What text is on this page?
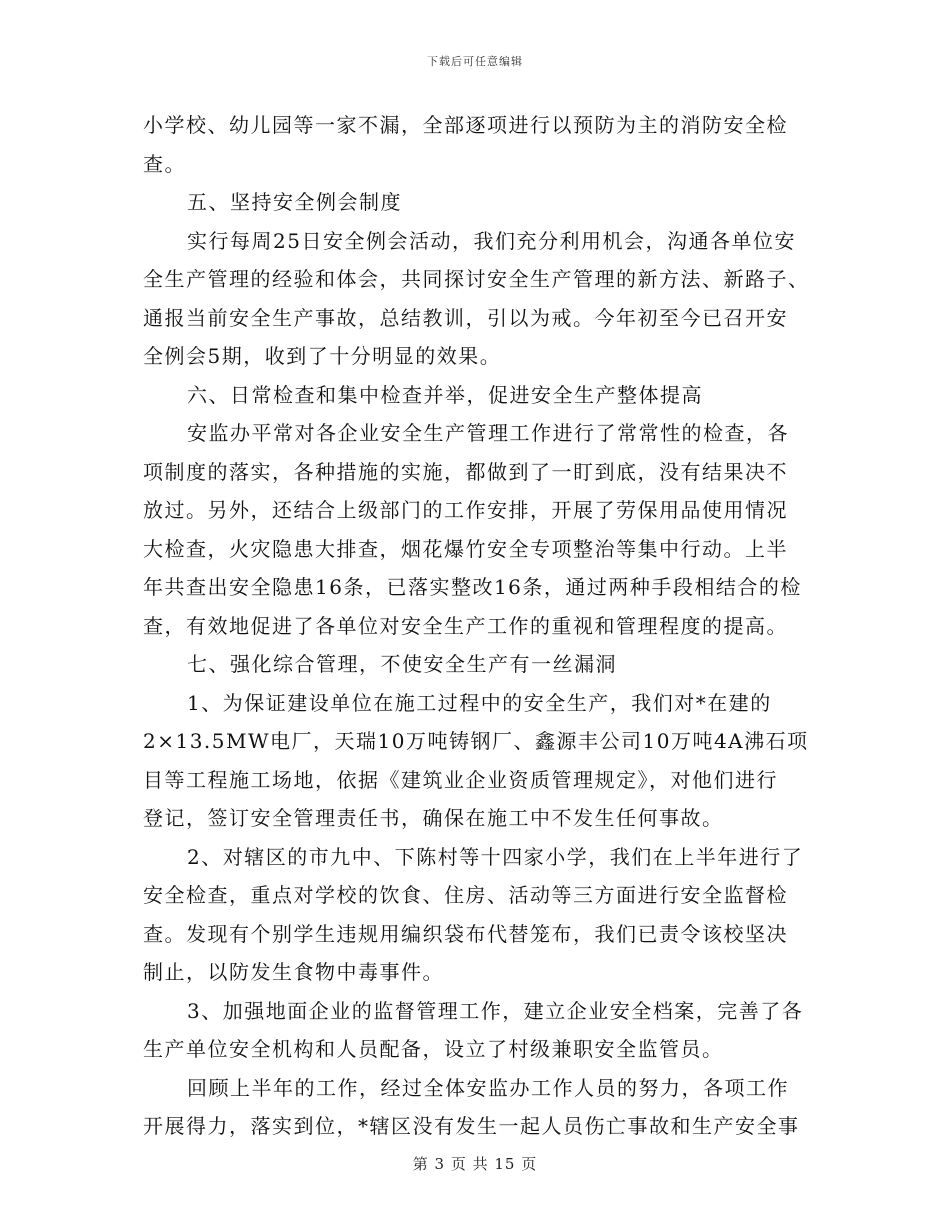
下载后可任意编辑
小学校、幼儿园等一家不漏，全部逐项进行以预防为主的消防安全检
查。
五、坚持安全例会制度
实行每周25日安全例会活动，我们充分利用机会，沟通各单位安
全生产管理的经验和体会，共同探讨安全生产管理的新方法、新路子、
通报当前安全生产事故，总结教训，引以为戒。今年初至今已召开安
全例会5期，收到了十分明显的效果。
六、日常检查和集中检查并举，促进安全生产整体提高
安监办平常对各企业安全生产管理工作进行了常常性的检查，各
项制度的落实，各种措施的实施，都做到了一盯到底，没有结果决不
放过。另外，还结合上级部门的工作安排，开展了劳保用品使用情况
大检查，火灾隐患大排查，烟花爆竹安全专项整治等集中行动。上半
年共查出安全隐患16条，已落实整改16条，通过两种手段相结合的检
查，有效地促进了各单位对安全生产工作的重视和管理程度的提高。
七、强化综合管理，不使安全生产有一丝漏洞
1、为保证建设单位在施工过程中的安全生产，我们对*在建的
2×13.5MW电厂，天瑞10万吨铸钢厂、鑫源丰公司10万吨4A沸石项
目等工程施工场地，依据《建筑业企业资质管理规定》，对他们进行
登记，签订安全管理责任书，确保在施工中不发生任何事故。
2、对辖区的市九中、下陈村等十四家小学，我们在上半年进行了
安全检查，重点对学校的饮食、住房、活动等三方面进行安全监督检
查。发现有个别学生违规用编织袋布代替笼布，我们已责令该校坚决
制止，以防发生食物中毒事件。
3、加强地面企业的监督管理工作，建立企业安全档案，完善了各
生产单位安全机构和人员配备，设立了村级兼职安全监管员。
回顾上半年的工作，经过全体安监办工作人员的努力，各项工作
开展得力，落实到位，*辖区没有发生一起人员伤亡事故和生产安全事
第 3 页 共 15 页
